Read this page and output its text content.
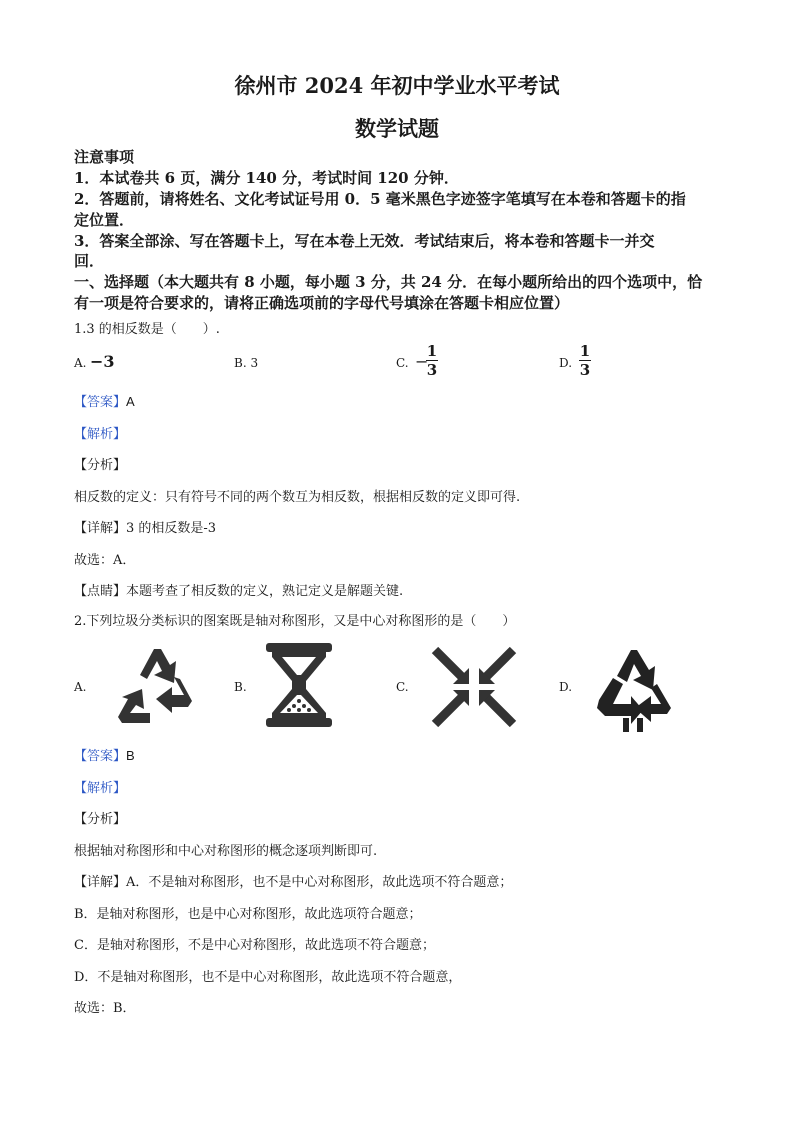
徐州市 2024 年初中学业水平考试
数学试题
注意事项
1．本试卷共 6 页，满分 140 分，考试时间 120 分钟．
2．答题前，请将姓名、文化考试证号用 0．5 毫米黑色字迹签字笔填写在本卷和答题卡的指
定位置．
3．答案全部涂、写在答题卡上，写在本卷上无效．考试结束后，将本卷和答题卡一并交
回．
一、选择题（本大题共有 8 小题，每小题 3 分，共 24 分．在每小题所给出的四个选项中，恰
有一项是符合要求的，请将正确选项前的字母代号填涂在答题卡相应位置）
1.3 的相反数是（　　）.
A. −3	B. 3	C. −
1
3	D.
1
3
【答案】A
【解析】
【分析】
相反数的定义：只有符号不同的两个数互为相反数，根据相反数的定义即可得.
【详解】3 的相反数是-3
故选：A．
【点睛】本题考查了相反数的定义，熟记定义是解题关键.
2.下列垃圾分类标识的图案既是轴对称图形，又是中心对称图形的是（　　）
A.	B.	C.	D.
【答案】B
【解析】
【分析】
根据轴对称图形和中心对称图形的概念逐项判断即可.
【详解】A．不是轴对称图形，也不是中心对称图形，故此选项不符合题意；
B．是轴对称图形，也是中心对称图形，故此选项符合题意；
C．是轴对称图形，不是中心对称图形，故此选项不符合题意；
D．不是轴对称图形，也不是中心对称图形，故此选项不符合题意，
故选：B．
